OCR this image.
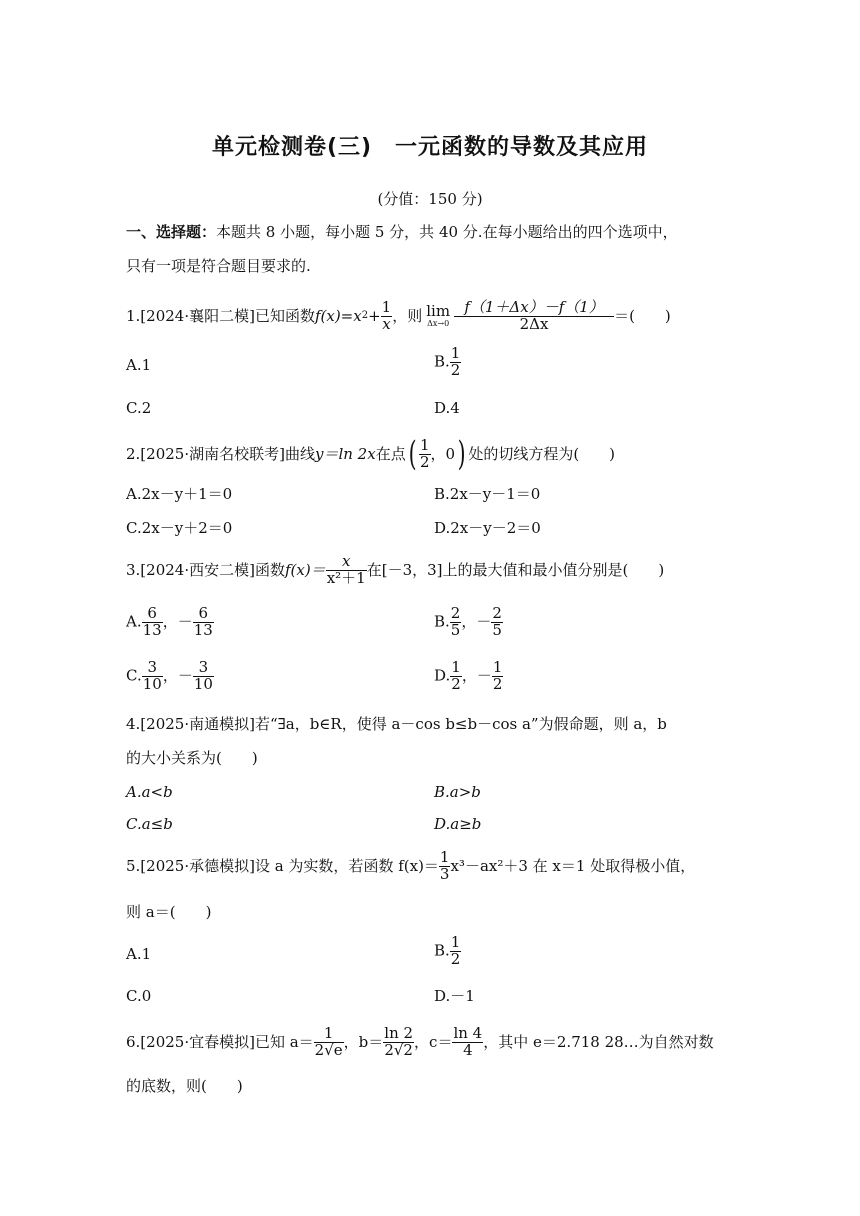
单元检测卷(三)　一元函数的导数及其应用
(分值：150 分)
一、选择题：本题共 8 小题，每小题 5 分，共 40 分.在每小题给出的四个选项中，
只有一项是符合题目要求的.
1.[2024·襄阳二模]已知函数 f(x)=x $2 + \frac{1}{x}$ ，则 lim
$\Delta x\to 0 \frac{f(1+\Delta x)-f(1)}{2\Delta x}$ ＝(　　)
A.1	B. $\frac{1}{2}$
C.2	D.4
2.[2025·湖南名校联考]曲线 y＝ln 2x 在点 ( $\frac{1}{2}$ ，0 ) 处的切线方程为(　　)
A.2x－y＋1＝0	B.2x－y－1＝0
C.2x－y＋2＝0	D.2x－y－2＝0
3.[2024·西安二模]函数 $f(x)= \frac{x}{\text{x²＋1}}$ 在[－3，3]上的最大值和最小值分别是(　　)
A. $\frac{6}{13}$ ，－ $\frac{6}{13}$	B. $\frac{2}{5}$ ，－ $\frac{2}{5}$
C. $\frac{3}{10}$ ，－ $\frac{3}{10}$	D. $\frac{1}{2}$ ，－ $\frac{1}{2}$
4.[2025·南通模拟]若“∃a，b∈R，使得 a－cos b≤b－cos a”为假命题，则 a，b
的大小关系为(　　)
A.a<b	B.a>b
C.a≤b	D.a≥b
5.[2025·承德模拟]设 a 为实数，若函数 $f(x)= \frac{1}{3} x^3-ax^2+3$ 在 x＝1 处取得极小值，
则 a＝(　　)
A.1	B. $\frac{1}{2}$
C.0	D.－1
6.[2025·宜春模拟]已知 $a= \frac{1}{2√e}$ ，$b= \frac{\ln 2}{2√2}$ ，$c= \frac{\ln 4}{4}$ ，其中 e＝2.718 28…为自然对数
的底数，则(　　)
